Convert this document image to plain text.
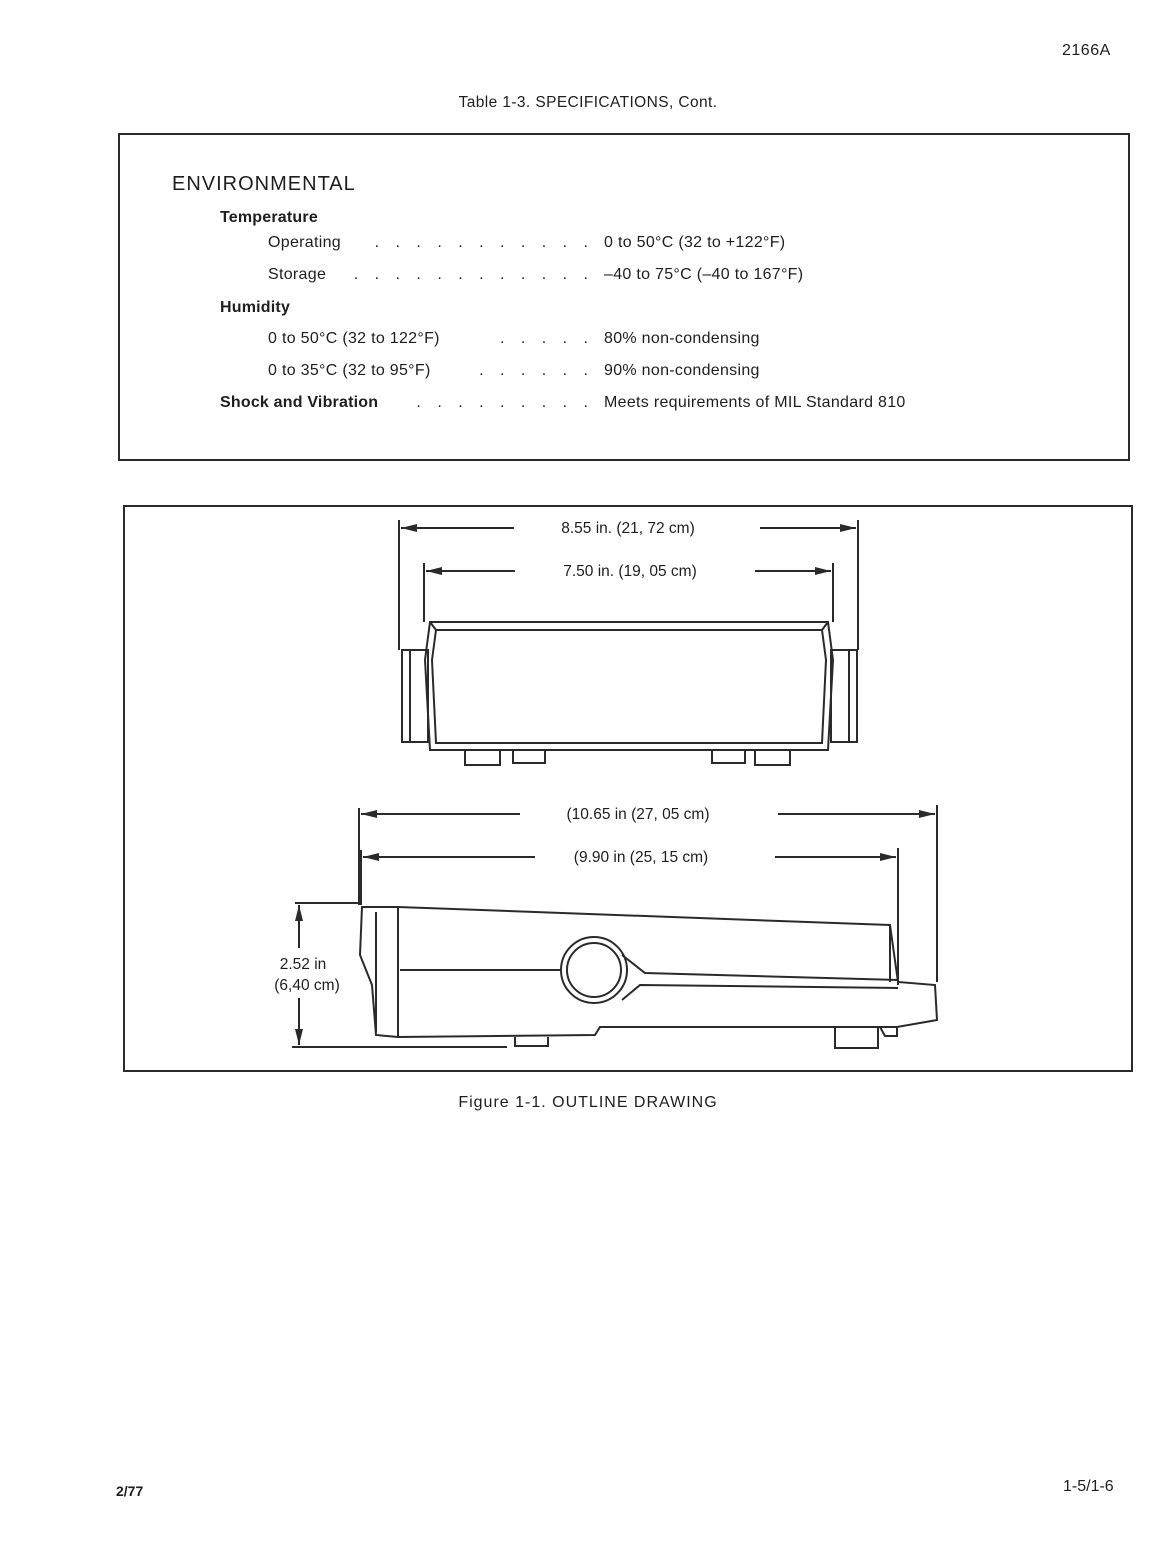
2166A
Table 1-3. SPECIFICATIONS, Cont.
ENVIRONMENTAL
Temperature
Operating . . . . . . . . . . . 0 to 50°C (32 to +122°F)
Storage . . . . . . . . . . . . –40 to 75°C (–40 to 167°F)
Humidity
0 to 50°C (32 to 122°F)	. . . . . 80% non-condensing
0 to 35°C (32 to 95°F)	. . . . . . 90% non-condensing
Shock and Vibration . . . . . . . . . Meets requirements of MIL Standard 810
8.55 in. (21, 72 cm)
7.50 in. (19, 05 cm)
(10.65 in (27, 05 cm)
(9.90 in (25, 15 cm)
2.52 in
(6,40 cm)
Figure 1-1. OUTLINE DRAWING
2/77	1-5/1-6
